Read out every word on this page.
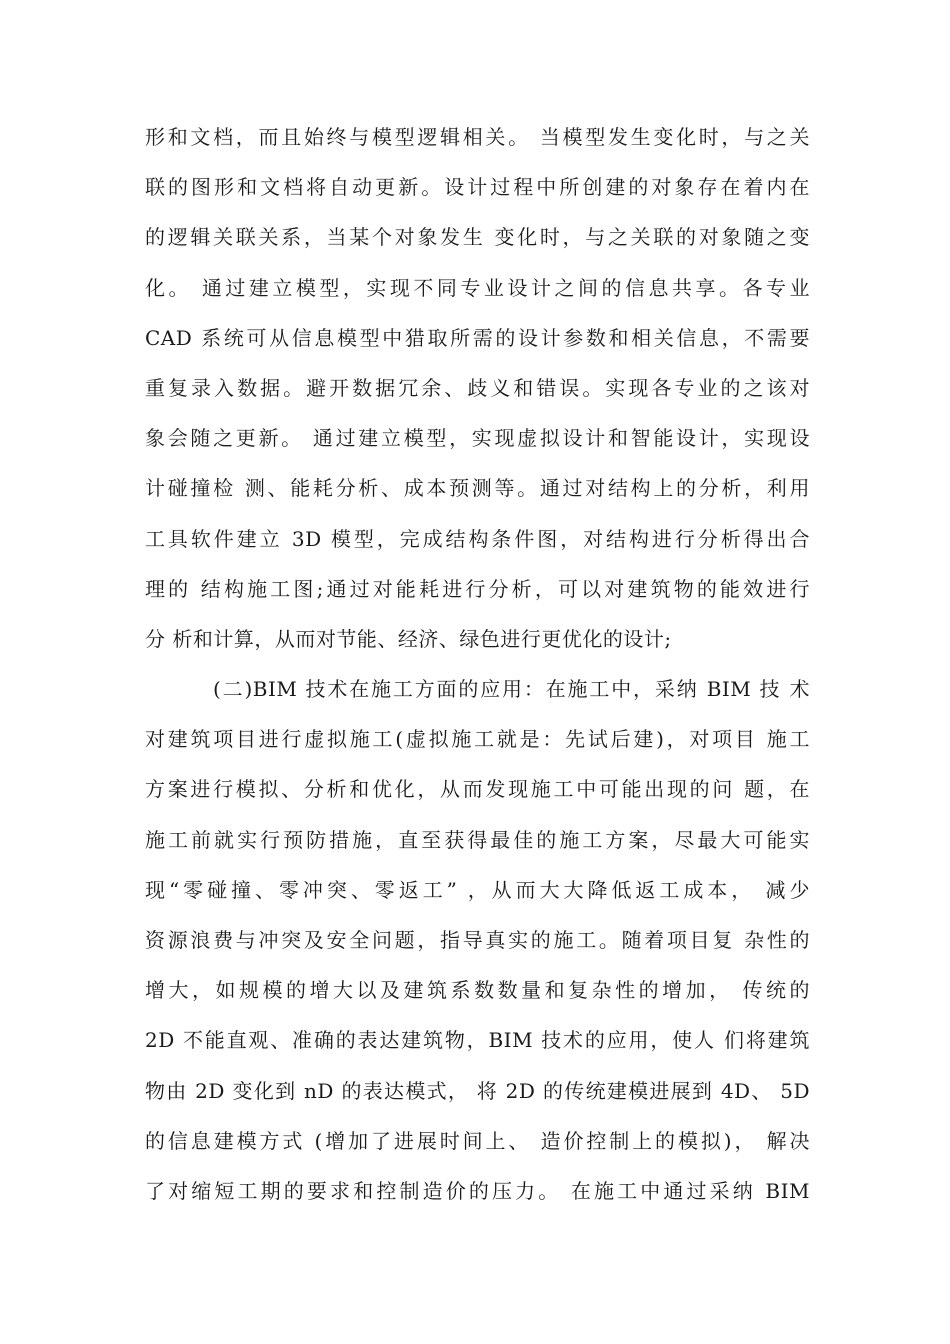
形和文档，而且始终与模型逻辑相关。 当模型发生变化时，与之关
联的图形和文档将自动更新。设计过程中所创建的对象存在着内在
的逻辑关联关系，当某个对象发生 变化时，与之关联的对象随之变
化。 通过建立模型，实现不同专业设计之间的信息共享。各专业
CAD 系统可从信息模型中猎取所需的设计参数和相关信息，不需要
重复录入数据。避开数据冗余、歧义和错误。实现各专业的之该对
象会随之更新。 通过建立模型，实现虚拟设计和智能设计，实现设
计碰撞检 测、能耗分析、成本预测等。通过对结构上的分析，利用
工具软件建立 3D 模型，完成结构条件图，对结构进行分析得出合
理的 结构施工图;通过对能耗进行分析，可以对建筑物的能效进行
分 析和计算，从而对节能、经济、绿色进行更优化的设计;
(二)BIM 技术在施工方面的应用：在施工中，采纳 BIM 技 术
对建筑项目进行虚拟施工(虚拟施工就是：先试后建)，对项目 施工
方案进行模拟、分析和优化，从而发现施工中可能出现的问 题，在
施工前就实行预防措施，直至获得最佳的施工方案，尽最大可能实
现“零碰撞、零冲突、零返工” ，从而大大降低返工成本， 减少
资源浪费与冲突及安全问题，指导真实的施工。随着项目复 杂性的
增大，如规模的增大以及建筑系数数量和复杂性的增加， 传统的
2D 不能直观、准确的表达建筑物，BIM 技术的应用，使人 们将建筑
物由 2D 变化到 nD 的表达模式， 将 2D 的传统建模进展到 4D、 5D
的信息建模方式 (增加了进展时间上、 造价控制上的模拟)， 解决
了对缩短工期的要求和控制造价的压力。 在施工中通过采纳 BIM
